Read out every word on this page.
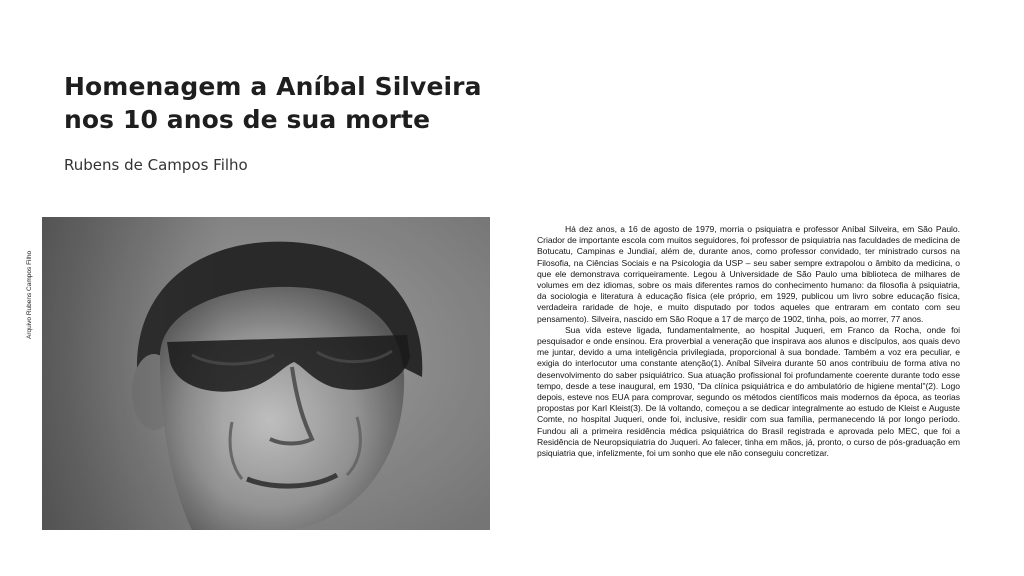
Homenagem a Aníbal Silveira
nos 10 anos de sua morte
Rubens de Campos Filho
Arquivo Rubens Campos Filho

Há dez anos, a 16 de agosto de 1979, morria o psiquiatra e professor Aníbal Silveira, em São Paulo. Criador de importante escola com muitos seguidores, foi professor de psiquiatria nas faculdades de medicina de Botucatu, Campinas e Jundiaí, além de, durante anos, como professor convidado, ter ministrado cursos na Filosofia, na Ciências Sociais e na Psicologia da USP – seu saber sempre extrapolou o âmbito da medicina, o que ele demonstrava corriqueiramente. Legou à Universidade de São Paulo uma biblioteca de milhares de volumes em dez idiomas, sobre os mais diferentes ramos do conhecimento humano: da filosofia à psiquiatria, da sociologia e literatura à educação física (ele próprio, em 1929, publicou um livro sobre educação física, verdadeira raridade de hoje, e muito disputado por todos aqueles que entraram em contato com seu pensamento). Silveira, nascido em São Roque a 17 de março de 1902, tinha, pois, ao morrer, 77 anos.

Sua vida esteve ligada, fundamentalmente, ao hospital Juqueri, em Franco da Rocha, onde foi pesquisador e onde ensinou. Era proverbial a veneração que inspirava aos alunos e discípulos, aos quais devo me juntar, devido a uma inteligência privilegiada, proporcional à sua bondade. Também a voz era peculiar, e exigia do interlocutor uma constante atenção(1). Aníbal Silveira durante 50 anos contribuiu de forma ativa no desenvolvimento do saber psiquiátrico. Sua atuação profissional foi profundamente coerente durante todo esse tempo, desde a tese inaugural, em 1930, "Da clínica psiquiátrica e do ambulatório de higiene mental"(2). Logo depois, esteve nos EUA para comprovar, segundo os métodos científicos mais modernos da época, as teorias propostas por Karl Kleist(3). De lá voltando, começou a se dedicar integralmente ao estudo de Kleist e Auguste Comte, no hospital Juqueri, onde foi, inclusive, residir com sua família, permanecendo lá por longo período. Fundou ali a primeira residência médica psiquiátrica do Brasil registrada e aprovada pelo MEC, que foi a Residência de Neuropsiquiatria do Juqueri. Ao falecer, tinha em mãos, já, pronto, o curso de pós-graduação em psiquiatria que, infelizmente, foi um sonho que ele não conseguiu concretizar.
